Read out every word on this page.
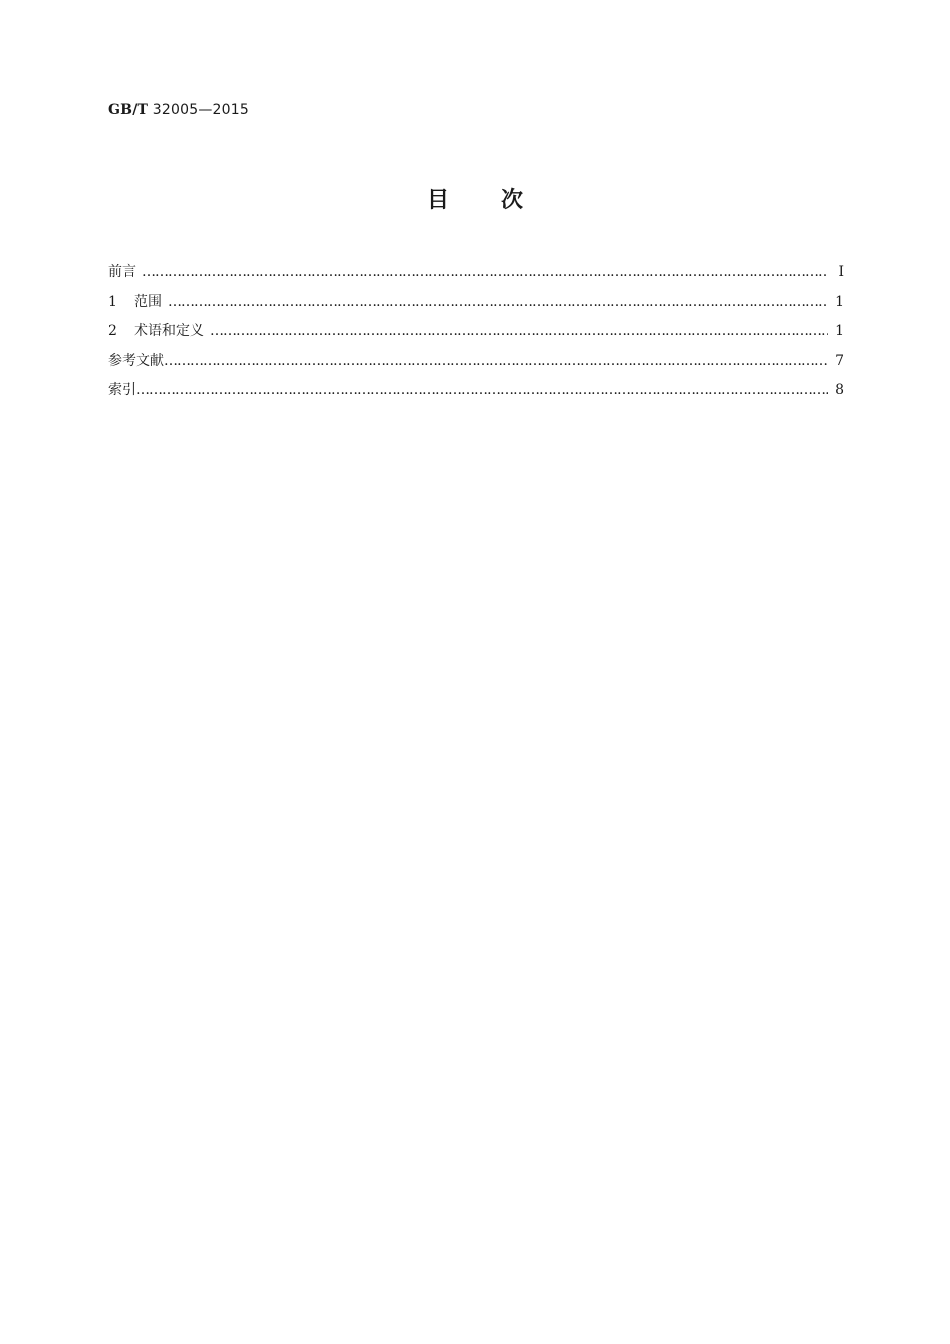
GB/T 32005—2015
目次
前言 ……………………………………………………………………………………………………………………………………………………………………………………	Ⅰ
1 范围 ……………………………………………………………………………………………………………………………………………………………………………………	1
2 术语和定义 ……………………………………………………………………………………………………………………………………………………………………………………	1
参考文献 ……………………………………………………………………………………………………………………………………………………………………………………	7
索引 ……………………………………………………………………………………………………………………………………………………………………………………	8
